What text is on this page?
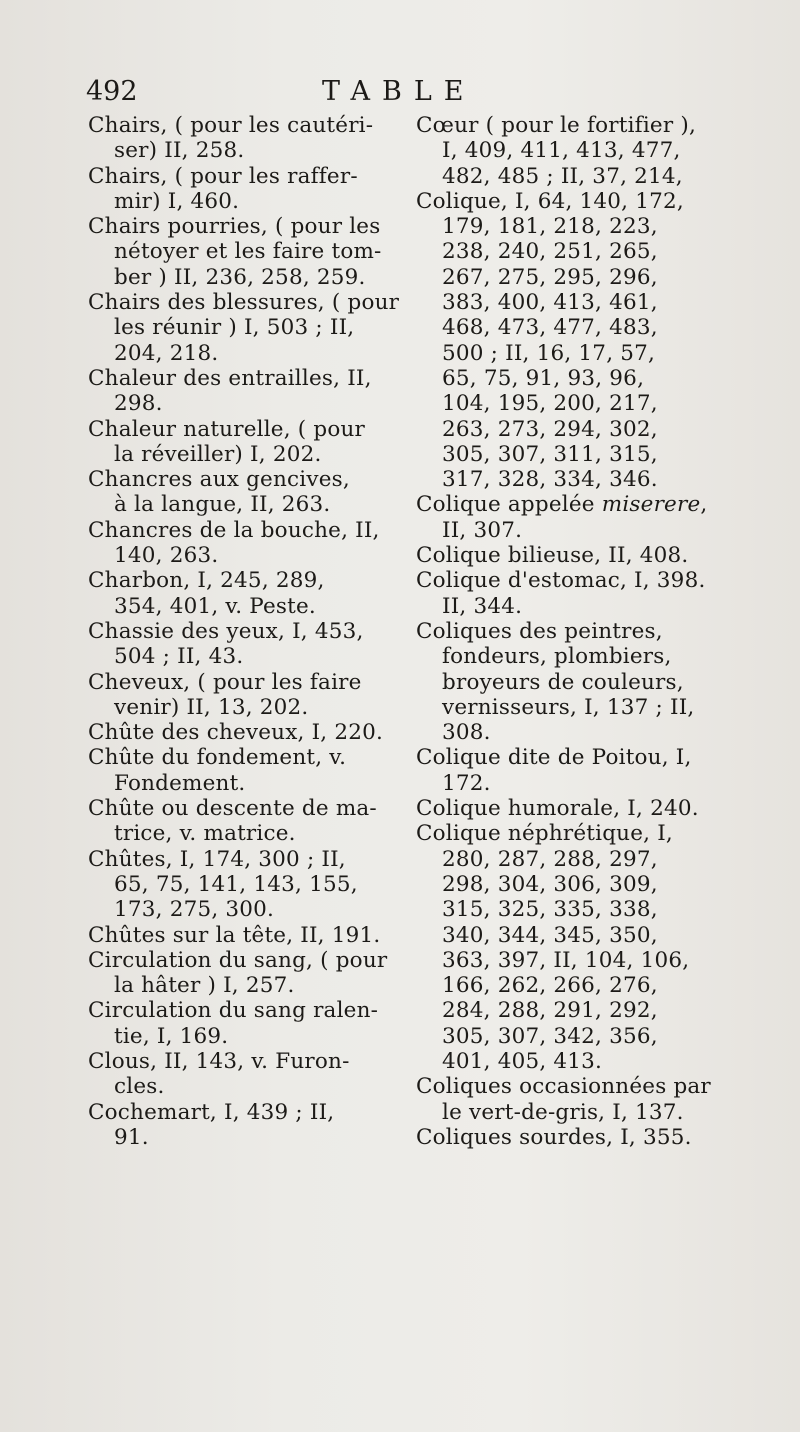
492	TABLE
Chairs, ( pour les cautéri-
ser) II, 258.
Chairs, ( pour les raffer-
mir) I, 460.
Chairs pourries, ( pour les
nétoyer et les faire tom-
ber ) II, 236, 258, 259.
Chairs des blessures, ( pour
les réunir ) I, 503 ; II,
204, 218.
Chaleur des entrailles, II,
298.
Chaleur naturelle, ( pour
la réveiller) I, 202.
Chancres aux gencives,
à la langue, II, 263.
Chancres de la bouche, II,
140, 263.
Charbon, I, 245, 289,
354, 401, v. Peste.
Chassie des yeux, I, 453,
504 ; II, 43.
Cheveux, ( pour les faire
venir) II, 13, 202.
Chûte des cheveux, I, 220.
Chûte du fondement, v.
Fondement.
Chûte ou descente de ma-
trice, v. matrice.
Chûtes, I, 174, 300 ; II,
65, 75, 141, 143, 155,
173, 275, 300.
Chûtes sur la tête, II, 191.
Circulation du sang, ( pour
la hâter ) I, 257.
Circulation du sang ralen-
tie, I, 169.
Clous, II, 143, v. Furon-
cles.
Cochemart, I, 439 ; II,
91.
Cœur ( pour le fortifier ),
I, 409, 411, 413, 477,
482, 485 ; II, 37, 214,
Colique, I, 64, 140, 172,
179, 181, 218, 223,
238, 240, 251, 265,
267, 275, 295, 296,
383, 400, 413, 461,
468, 473, 477, 483,
500 ; II, 16, 17, 57,
65, 75, 91, 93, 96,
104, 195, 200, 217,
263, 273, 294, 302,
305, 307, 311, 315,
317, 328, 334, 346.
Colique appelée miserere,
II, 307.
Colique bilieuse, II, 408.
Colique d'estomac, I, 398.
II, 344.
Coliques des peintres,
fondeurs, plombiers,
broyeurs de couleurs,
vernisseurs, I, 137 ; II,
308.
Colique dite de Poitou, I,
172.
Colique humorale, I, 240.
Colique néphrétique, I,
280, 287, 288, 297,
298, 304, 306, 309,
315, 325, 335, 338,
340, 344, 345, 350,
363, 397, II, 104, 106,
166, 262, 266, 276,
284, 288, 291, 292,
305, 307, 342, 356,
401, 405, 413.
Coliques occasionnées par
le vert-de-gris, I, 137.
Coliques sourdes, I, 355.
